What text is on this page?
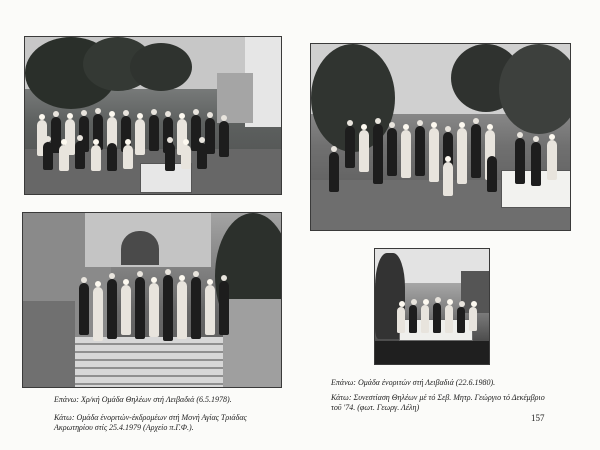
Επάνω: Χρ/κή Ομάδα Θηλέων στή Λειβαδιά (6.5.1978).
Κάτω: Ομάδα ένοριτών-έκδρομέων στή Μονή Αγίας Τριάδας Ακρωτηρίου στίς 25.4.1979 (Αρχείο π.Γ.Φ.).
Επάνω: Ομάδα ένοριτών στή Λειβαδιά (22.6.1980).
Κάτω: Συνεστίαση Θηλέων μέ τό Σεβ. Μητρ. Γεώργιο τό Δεκέμβριο τοῦ '74. (φωτ. Γεωργ. Λέλη)
157
